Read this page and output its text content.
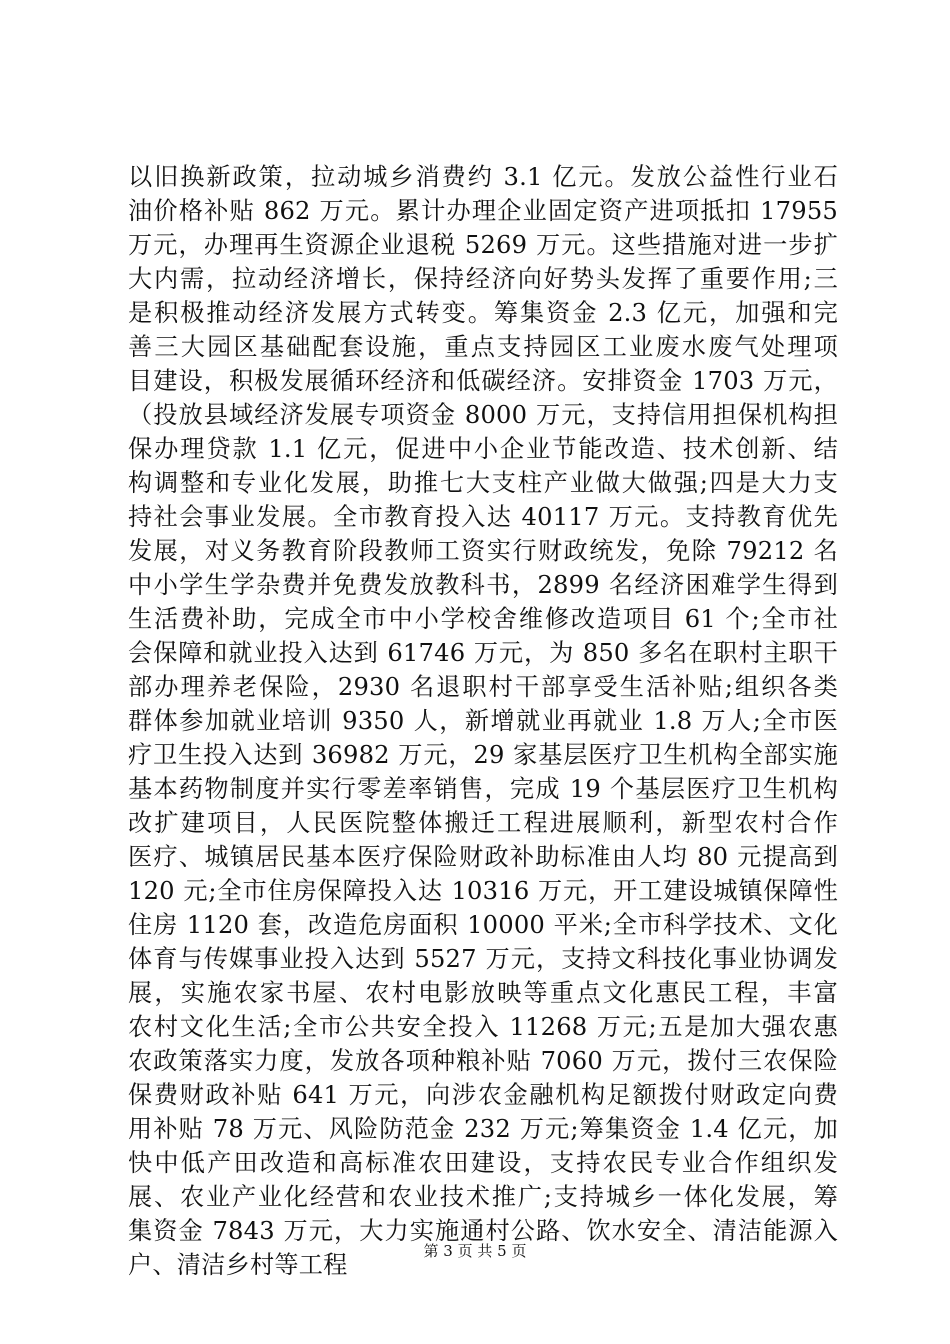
以旧换新政策，拉动城乡消费约 3.1 亿元。发放公益性行业石
油价格补贴 862 万元。累计办理企业固定资产进项抵扣 17955
万元，办理再生资源企业退税 5269 万元。这些措施对进一步扩
大内需，拉动经济增长，保持经济向好势头发挥了重要作用;三
是积极推动经济发展方式转变。筹集资金 2.3 亿元，加强和完
善三大园区基础配套设施，重点支持园区工业废水废气处理项
目建设，积极发展循环经济和低碳经济。安排资金 1703 万元，
（投放县域经济发展专项资金 8000 万元，支持信用担保机构担
保办理贷款 1.1 亿元，促进中小企业节能改造、技术创新、结
构调整和专业化发展，助推七大支柱产业做大做强;四是大力支
持社会事业发展。全市教育投入达 40117 万元。支持教育优先
发展，对义务教育阶段教师工资实行财政统发，免除 79212 名
中小学生学杂费并免费发放教科书，2899 名经济困难学生得到
生活费补助，完成全市中小学校舍维修改造项目 61 个;全市社
会保障和就业投入达到 61746 万元，为 850 多名在职村主职干
部办理养老保险，2930 名退职村干部享受生活补贴;组织各类
群体参加就业培训 9350 人，新增就业再就业 1.8 万人;全市医
疗卫生投入达到 36982 万元，29 家基层医疗卫生机构全部实施
基本药物制度并实行零差率销售，完成 19 个基层医疗卫生机构
改扩建项目，人民医院整体搬迁工程进展顺利，新型农村合作
医疗、城镇居民基本医疗保险财政补助标准由人均 80 元提高到
120 元;全市住房保障投入达 10316 万元，开工建设城镇保障性
住房 1120 套，改造危房面积 10000 平米;全市科学技术、文化
体育与传媒事业投入达到 5527 万元，支持文科技化事业协调发
展，实施农家书屋、农村电影放映等重点文化惠民工程，丰富
农村文化生活;全市公共安全投入 11268 万元;五是加大强农惠
农政策落实力度，发放各项种粮补贴 7060 万元，拨付三农保险
保费财政补贴 641 万元，向涉农金融机构足额拨付财政定向费
用补贴 78 万元、风险防范金 232 万元;筹集资金 1.4 亿元，加
快中低产田改造和高标准农田建设，支持农民专业合作组织发
展、农业产业化经营和农业技术推广;支持城乡一体化发展，筹
集资金 7843 万元，大力实施通村公路、饮水安全、清洁能源入
户、清洁乡村等工程	第 3 页 共 5 页
